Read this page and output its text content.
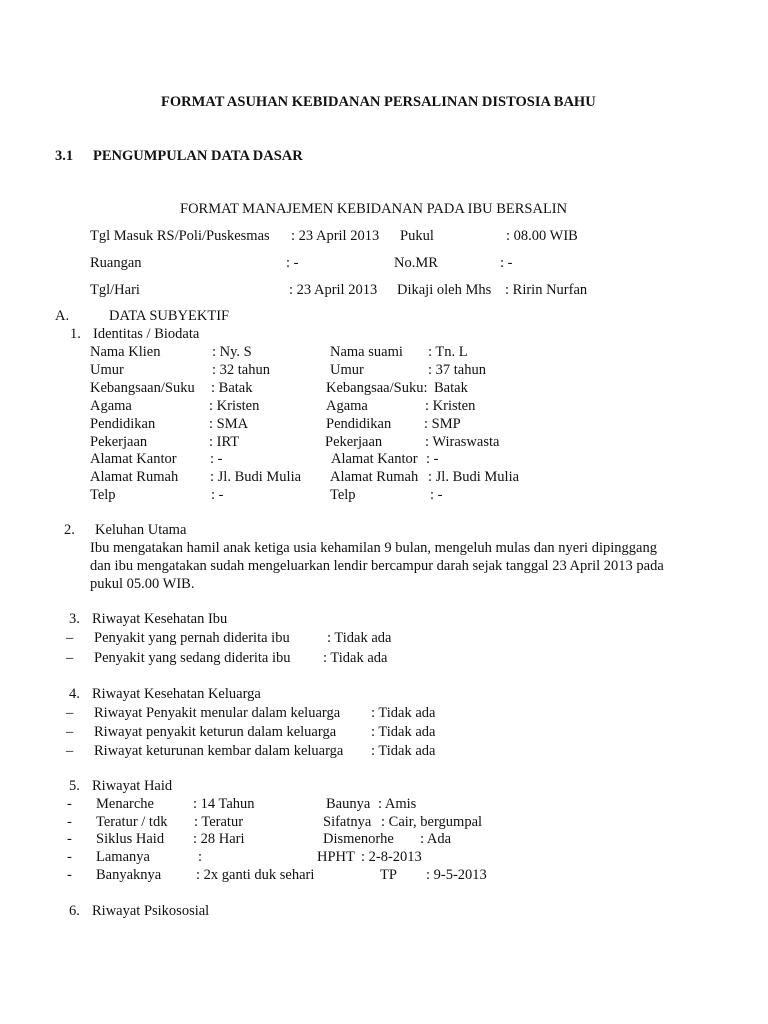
FORMAT ASUHAN KEBIDANAN PERSALINAN DISTOSIA BAHU
3.1 PENGUMPULAN DATA DASAR
FORMAT MANAJEMEN KEBIDANAN PADA IBU BERSALIN
Tgl Masuk RS/Poli/Puskesmas : 23 April 2013 Pukul	: 08.00 WIB
Ruangan	: -	No.MR	: -
Tgl/Hari	: 23 April 2013 Dikaji oleh Mhs : Ririn Nurfan
A.	DATA SUBYEKTIF
1. Identitas / Biodata
Nama Klien	: Ny. S	Nama suami : Tn. L
Umur	: 32 tahun	Umur	: 37 tahun
Kebangsaan/Suku : Batak	Kebangsaa/Suku: Batak
Agama	: Kristen	Agama	: Kristen
Pendidikan	: SMA	Pendidikan : SMP
Pekerjaan	: IRT	Pekerjaan	: Wiraswasta
Alamat Kantor : -	Alamat Kantor : -
Alamat Rumah : Jl. Budi Mulia Alamat Rumah : Jl. Budi Mulia
Telp	: -	Telp	: -
2. Keluhan Utama
Ibu mengatakan hamil anak ketiga usia kehamilan 9 bulan, mengeluh mulas dan nyeri dipinggang
dan ibu mengatakan sudah mengeluarkan lendir bercampur darah sejak tanggal 23 April 2013 pada
pukul 05.00 WIB.
3. Riwayat Kesehatan Ibu
– Penyakit yang pernah diderita ibu	: Tidak ada
– Penyakit yang sedang diderita ibu : Tidak ada
4. Riwayat Kesehatan Keluarga
– Riwayat Penyakit menular dalam keluarga : Tidak ada
– Riwayat penyakit keturun dalam keluarga : Tidak ada
– Riwayat keturunan kembar dalam keluarga : Tidak ada
5. Riwayat Haid
- Menarche	: 14 Tahun	Baunya : Amis
- Teratur / tdk : Teratur	Sifatnya : Cair, bergumpal
- Siklus Haid : 28 Hari	Dismenorhe : Ada
- Lamanya	:	HPHT : 2-8-2013
- Banyaknya : 2x ganti duk sehari	TP : 9-5-2013
6. Riwayat Psikososial
